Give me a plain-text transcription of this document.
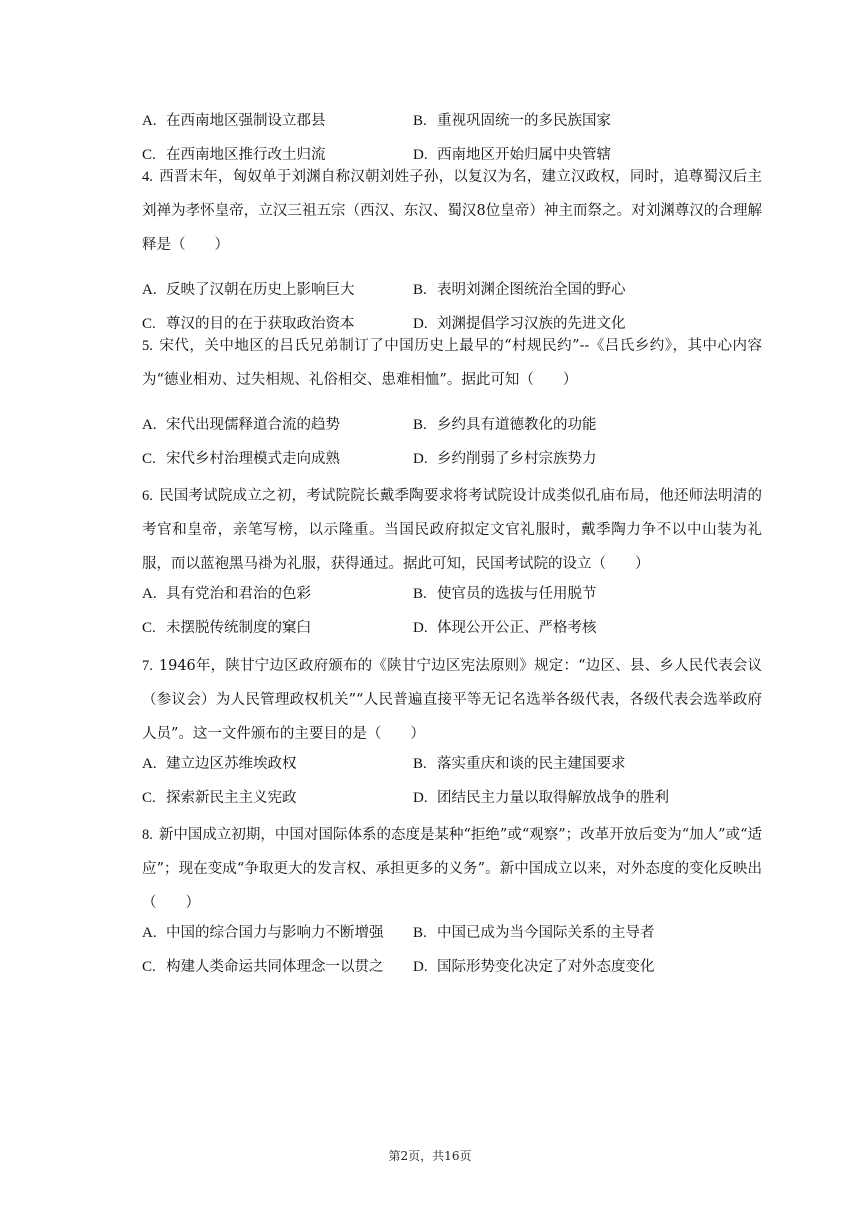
A. 在西南地区强制设立郡县	B. 重视巩固统一的多民族国家
C. 在西南地区推行改土归流	D. 西南地区开始归属中央管辖
4. 西晋末年，匈奴单于刘渊自称汉朝刘姓子孙，以复汉为名，建立汉政权，同时，追尊蜀汉后主刘禅为孝怀皇帝，立汉三祖五宗（西汉、东汉、蜀汉8位皇帝）神主而祭之。对刘渊尊汉的合理解释是（　　）
A. 反映了汉朝在历史上影响巨大	B. 表明刘渊企图统治全国的野心
C. 尊汉的目的在于获取政治资本	D. 刘渊提倡学习汉族的先进文化
5. 宋代，关中地区的吕氏兄弟制订了中国历史上最早的“村规民约”--《吕氏乡约》，其中心内容为“德业相劝、过失相规、礼俗相交、患难相恤”。据此可知（　　）
A. 宋代出现儒释道合流的趋势	B. 乡约具有道德教化的功能
C. 宋代乡村治理模式走向成熟	D. 乡约削弱了乡村宗族势力
6. 民国考试院成立之初，考试院院长戴季陶要求将考试院设计成类似孔庙布局，他还师法明清的考官和皇帝，亲笔写榜，以示隆重。当国民政府拟定文官礼服时，戴季陶力争不以中山装为礼服，而以蓝袍黑马褂为礼服，获得通过。据此可知，民国考试院的设立（　　）
A. 具有党治和君治的色彩	B. 使官员的选拔与任用脱节
C. 未摆脱传统制度的窠臼	D. 体现公开公正、严格考核
7. 1946年，陕甘宁边区政府颁布的《陕甘宁边区宪法原则》规定：“边区、县、乡人民代表会议（参议会）为人民管理政权机关”“人民普遍直接平等无记名选举各级代表，各级代表会选举政府人员”。这一文件颁布的主要目的是（　　）
A. 建立边区苏维埃政权	B. 落实重庆和谈的民主建国要求
C. 探索新民主主义宪政	D. 团结民主力量以取得解放战争的胜利
8. 新中国成立初期，中国对国际体系的态度是某种“拒绝”或“观察”；改革开放后变为“加人”或“适应”；现在变成“争取更大的发言权、承担更多的义务”。新中国成立以来，对外态度的变化反映出（　　）
A. 中国的综合国力与影响力不断增强 B. 中国已成为当今国际关系的主导者
C. 构建人类命运共同体理念一以贯之 D. 国际形势变化决定了对外态度变化
第2页，共16页
